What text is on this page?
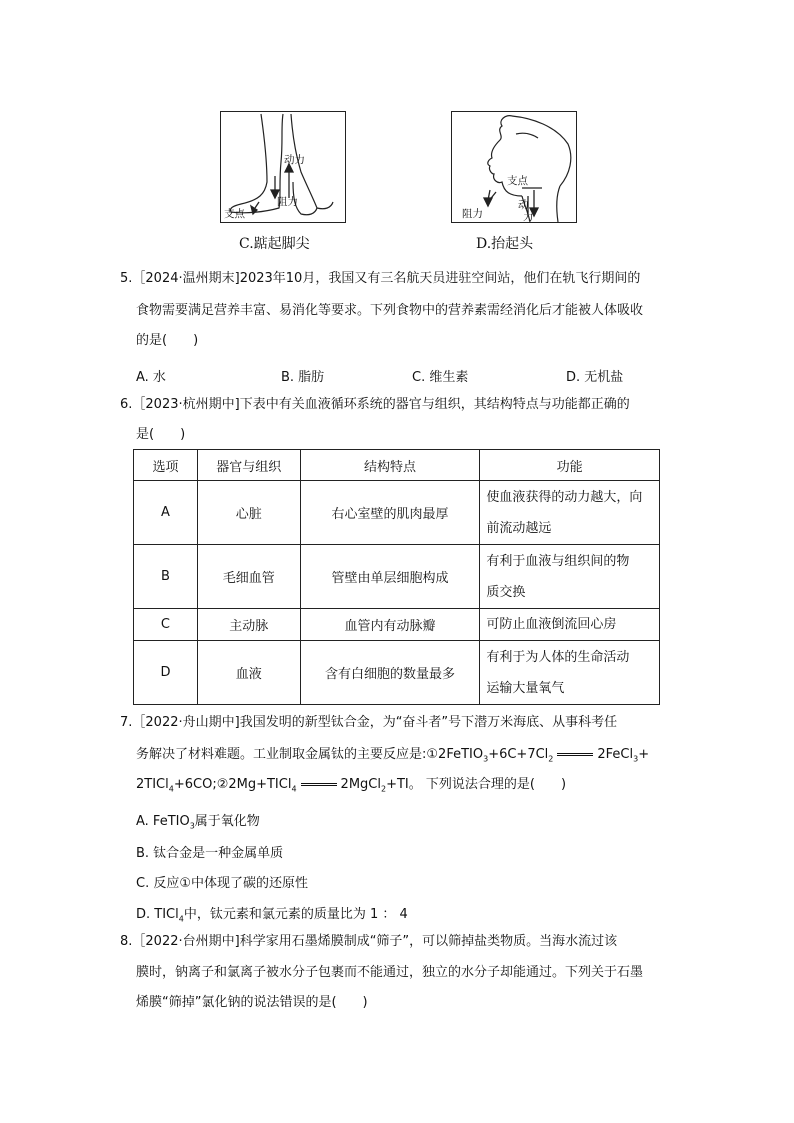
动力
阻力
支点
C.踮起脚尖
支点
阻力
动
力
D.抬起头
5.［2024·温州期末]2023年10月，我国又有三名航天员进驻空间站，他们在轨飞行期间的
食物需要满足营养丰富、易消化等要求。下列食物中的营养素需经消化后才能被人体吸收
的是(　　)
A. 水	B. 脂肪	C. 维生素	D. 无机盐
6.［2023·杭州期中]下表中有关血液循环系统的器官与组织，其结构特点与功能都正确的
是(　　)
选项	器官与组织	结构特点	功能
A	心脏	右心室壁的肌肉最厚	使血液获得的动力越大，向
前流动越远

B	毛细血管	管壁由单层细胞构成	有利于血液与组织间的物
质交换

C	主动脉	血管内有动脉瓣	可防止血液倒流回心房
D	血液	含有白细胞的数量最多	有利于为人体的生命活动
运输大量氧气
7.［2022·舟山期中]我国发明的新型钛合金，为“奋斗者”号下潜万米海底、从事科考任
务解决了材料难题。工业制取金属钛的主要反应是$:①2FeTIO_3+6C+7Cl_2$	2FeCl$_3$+
2TICl$_4$+6CO;②2Mg+TICl$_4$	2MgCl$_2$+TI。 下列说法合理的是(　　)
A. FeTIO$_3$属于氧化物
B. 钛合金是一种金属单质
C. 反应①中体现了碳的还原性
D. TICl$_4$中，钛元素和氯元素的质量比为 1 ： 4
8.［2022·台州期中]科学家用石墨烯膜制成“筛子”，可以筛掉盐类物质。当海水流过该
膜时，钠离子和氯离子被水分子包裹而不能通过，独立的水分子却能通过。下列关于石墨
烯膜“筛掉”氯化钠的说法错误的是(　　)
